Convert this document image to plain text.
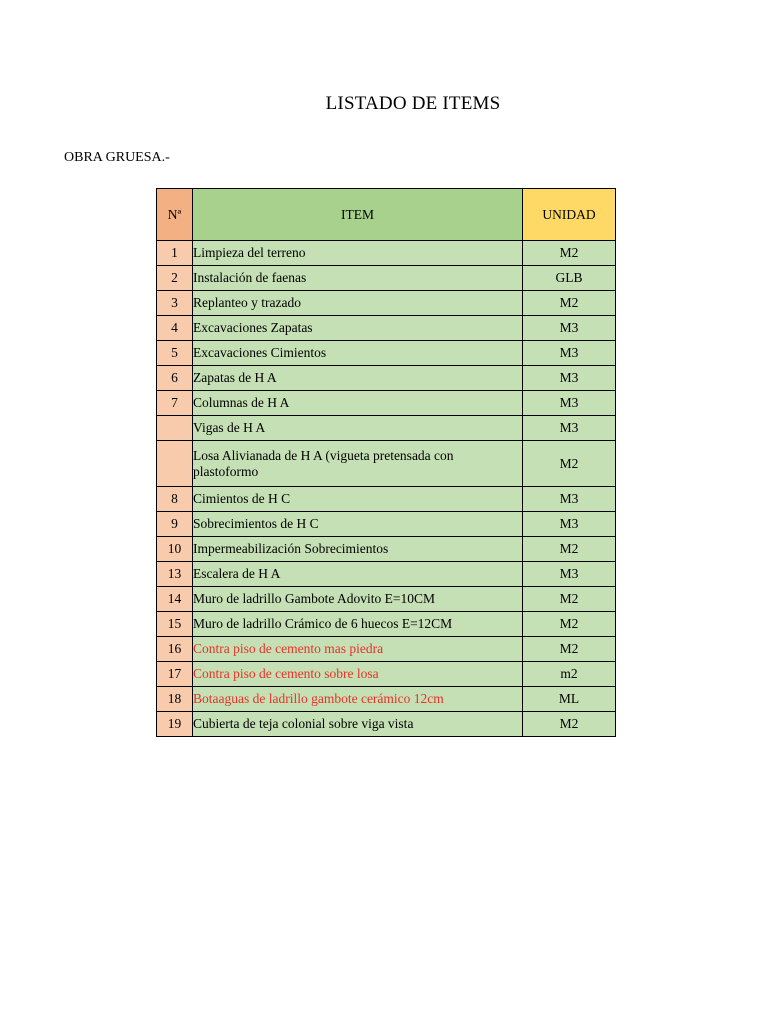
LISTADO DE ITEMS
OBRA GRUESA.-
Nª	ITEM	UNIDAD
1	Limpieza del terreno	M2
2	Instalación de faenas	GLB
3	Replanteo y trazado	M2
4	Excavaciones Zapatas	M3
5	Excavaciones Cimientos	M3
6	Zapatas de H A	M3
7	Columnas de H A	M3
	Vigas de H A	M3
	Losa Alivianada de H A (vigueta pretensada con plastoformo	M2
8	Cimientos de H C	M3
9	Sobrecimientos de H C	M3
10	Impermeabilización Sobrecimientos	M2
13	Escalera de H A	M3
14	Muro de ladrillo Gambote Adovito E=10CM	M2
15	Muro de ladrillo Crámico de 6 huecos E=12CM	M2
16	Contra piso de cemento mas piedra	M2
17	Contra piso de cemento sobre losa	m2
18	Botaaguas de ladrillo gambote cerámico 12cm	ML
19	Cubierta de teja colonial sobre viga vista	M2
